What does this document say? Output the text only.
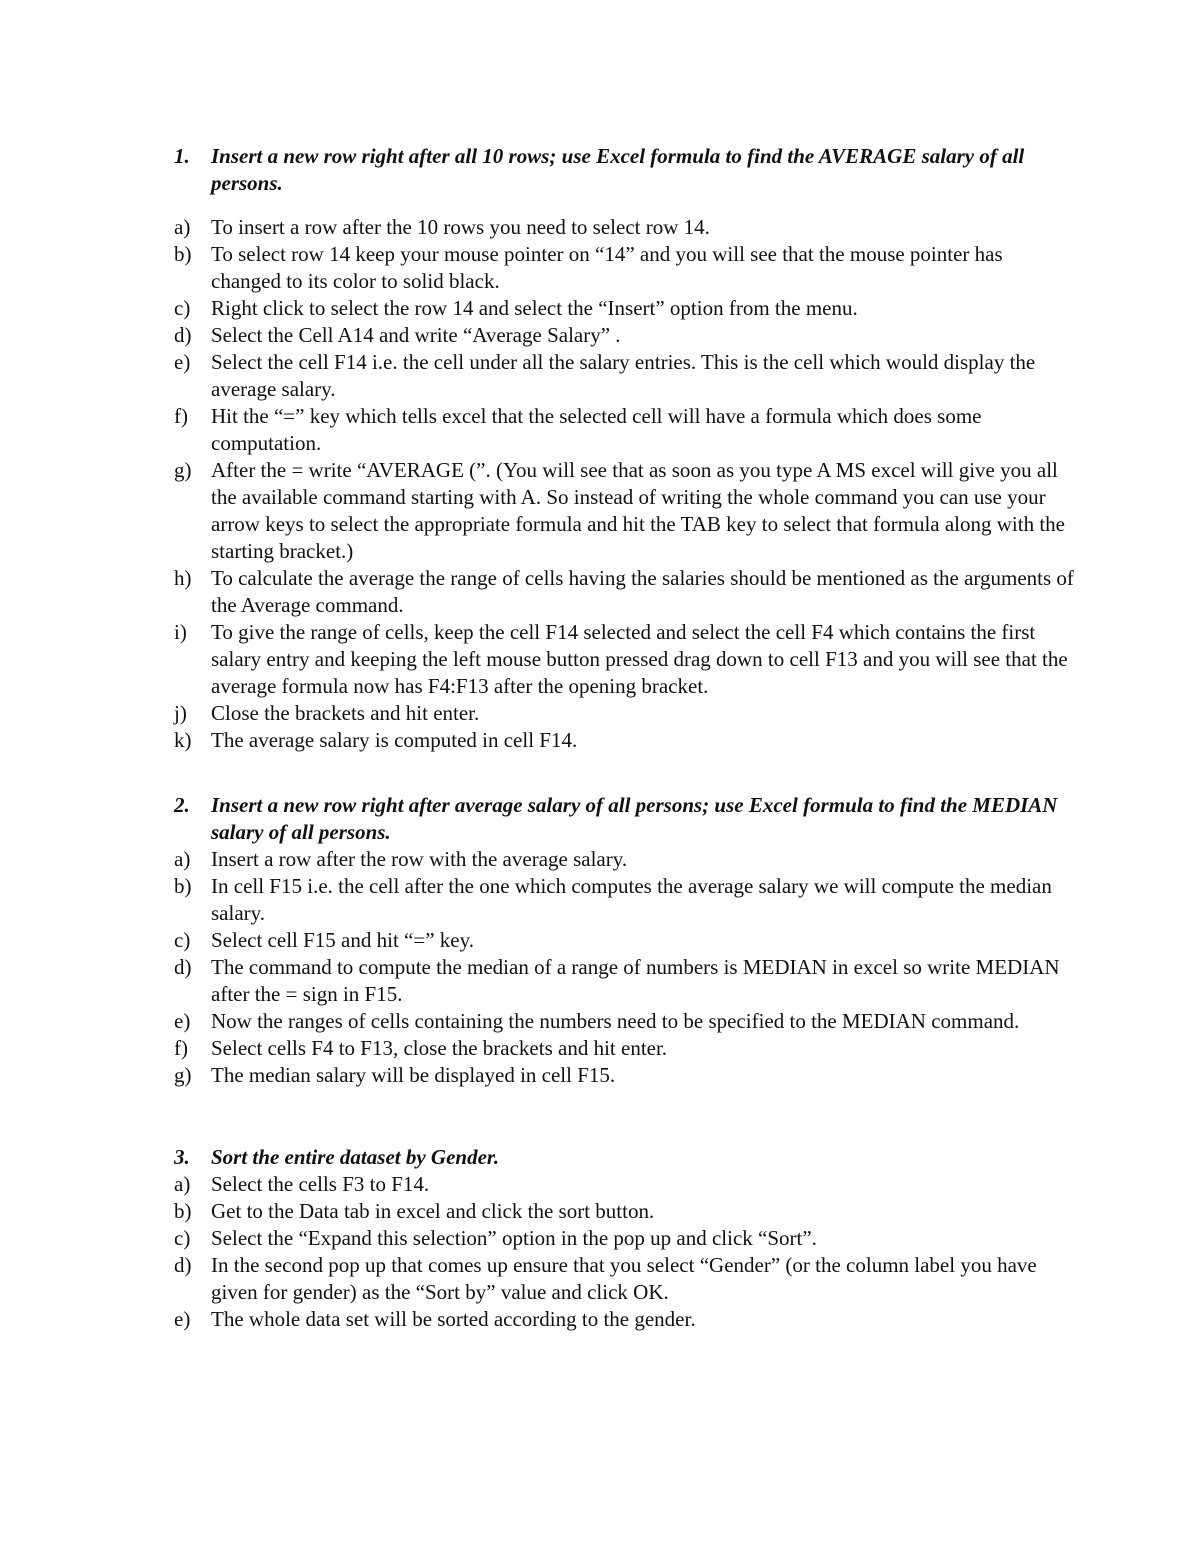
1.	Insert a new row right after all 10 rows; use Excel formula to find the AVERAGE salary of all persons.
a) To insert a row after the 10 rows you need to select row 14.
b) To select row 14 keep your mouse pointer on “14” and you will see that the mouse pointer has changed to its color to solid black.
c) Right click to select the row 14 and select the “Insert” option from the menu.
d) Select the Cell A14 and write “Average Salary” .
e) Select the cell F14 i.e. the cell under all the salary entries. This is the cell which would display the average salary.
f)	Hit the “=” key which tells excel that the selected cell will have a formula which does some computation.
g) After the = write “AVERAGE (”. (You will see that as soon as you type A MS excel will give you all the available command starting with A. So instead of writing the whole command you can use your arrow keys to select the appropriate formula and hit the TAB key to select that formula along with the starting bracket.)
h) To calculate the average the range of cells having the salaries should be mentioned as the arguments of the Average command.
i)	To give the range of cells, keep the cell F14 selected and select the cell F4 which contains the first salary entry and keeping the left mouse button pressed drag down to cell F13 and you will see that the average formula now has F4:F13 after the opening bracket.
j)	Close the brackets and hit enter.
k) The average salary is computed in cell F14.
2.	Insert a new row right after average salary of all persons; use Excel formula to find the MEDIAN salary of all persons.
a) Insert a row after the row with the average salary.
b) In cell F15 i.e. the cell after the one which computes the average salary we will compute the median salary.
c) Select cell F15 and hit “=” key.
d) The command to compute the median of a range of numbers is MEDIAN in excel so write MEDIAN after the = sign in F15.
e) Now the ranges of cells containing the numbers need to be specified to the MEDIAN command.
f)	Select cells F4 to F13, close the brackets and hit enter.
g) The median salary will be displayed in cell F15.
3.	Sort the entire dataset by Gender.
a) Select the cells F3 to F14.
b) Get to the Data tab in excel and click the sort button.
c) Select the “Expand this selection” option in the pop up and click “Sort”.
d) In the second pop up that comes up ensure that you select “Gender” (or the column label you have given for gender) as the “Sort by” value and click OK.
e) The whole data set will be sorted according to the gender.
